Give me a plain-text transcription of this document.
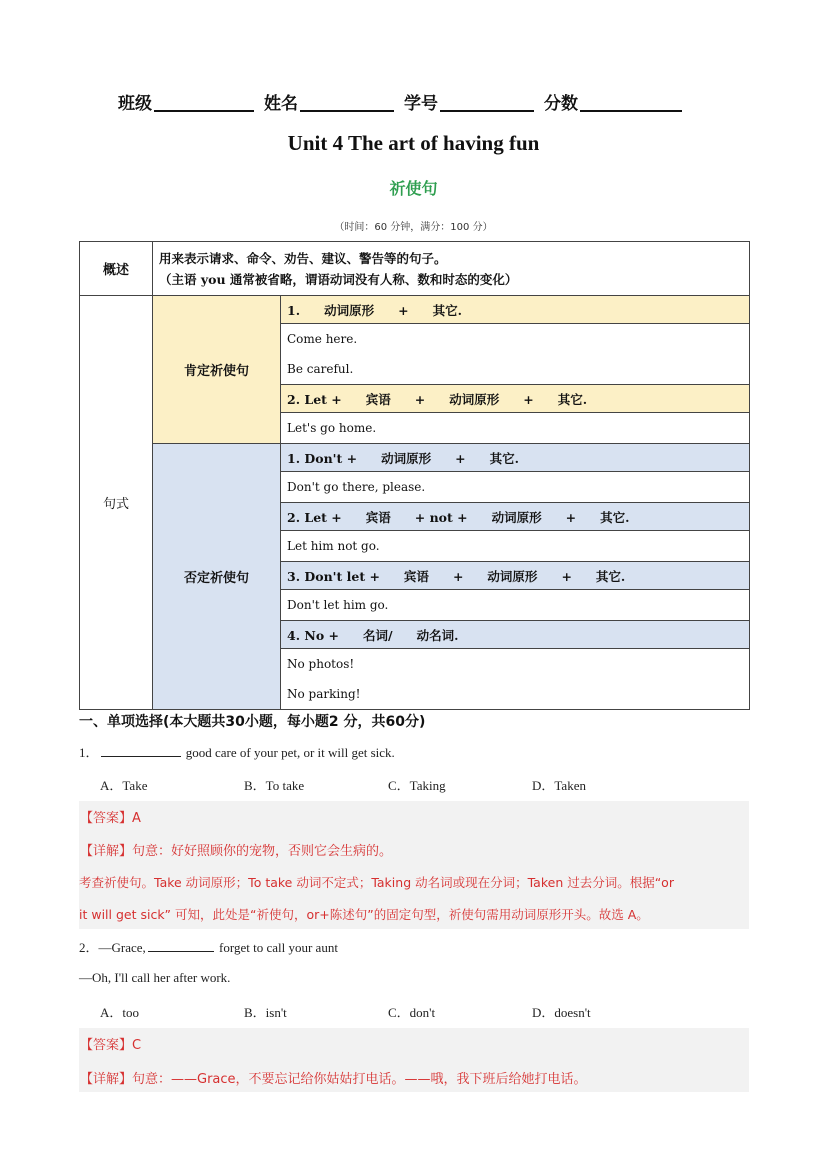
班级	姓名	学号	分数
Unit 4 The art of having fun
祈使句
（时间：60 分钟，满分：100 分）
概述	用来表示请求、命令、劝告、建议、警告等的句子。
（主语 you 通常被省略，谓语动词没有人称、数和时态的变化）	

句式	肯定祈使句	1. 动词原形 + 其它.

		Come here.
Be careful.

		2. Let + 宾语 + 动词原形 + 其它.

		Let's go home.

	否定祈使句	1. Don't + 动词原形 + 其它.

		Don't go there, please.

		2. Let + 宾语 + not + 动词原形 + 其它.

		Let him not go.

		3. Don't let + 宾语 + 动词原形 + 其它.

		Don't let him go.

		4. No + 名词/ 动名词.

		No photos!
No parking!
一、单项选择(本大题共30小题，每小题2 分，共60分)
1．	good care of your pet, or it will get sick.
A．Take	B．To take	C．Taking	D．Taken
【答案】A
【详解】句意：好好照顾你的宠物，否则它会生病的。
考查祈使句。Take 动词原形；To take 动词不定式；Taking 动名词或现在分词；Taken 过去分词。根据“or
it will get sick” 可知，此处是“祈使句，or+陈述句”的固定句型，祈使句需用动词原形开头。故选 A。
2．—Grace,	forget to call your aunt
—Oh, I'll call her after work.
A．too	B．isn't	C．don't	D．doesn't
【答案】C
【详解】句意：——Grace，不要忘记给你姑姑打电话。——哦，我下班后给她打电话。
